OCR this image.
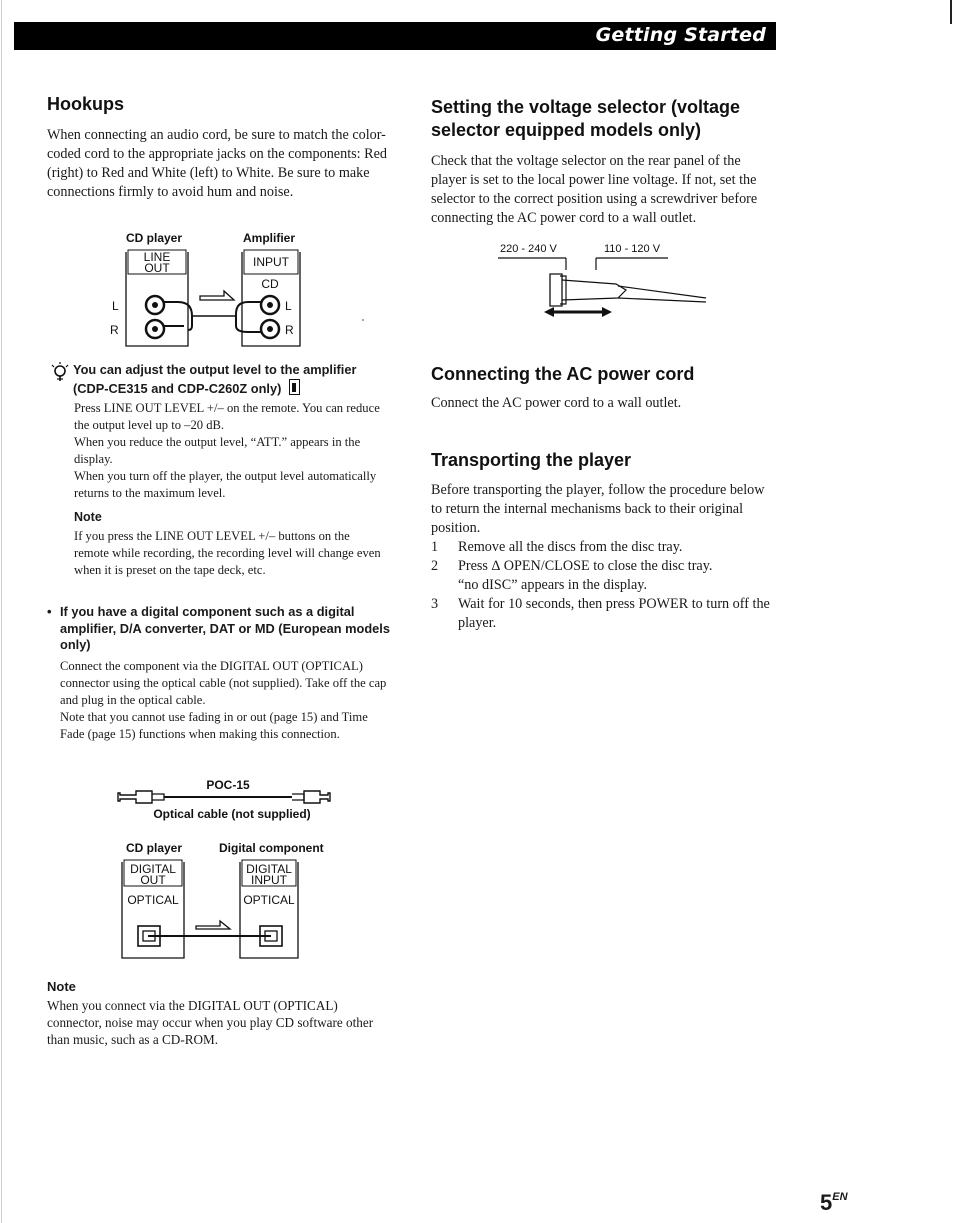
Getting Started
Hookups

When connecting an audio cord, be sure to match the color-coded cord to the appropriate jacks on the components: Red (right) to Red and White (left) to White. Be sure to make connections firmly to avoid hum and noise.

CD player	Amplifier
LINE
OUT	INPUT
CD
L
R
L
R

You can adjust the output level to the amplifier (CDP-CE315 and CDP-C260Z only)

Press LINE OUT LEVEL +/– on the remote. You can reduce the output level up to –20 dB.

When you reduce the output level, “ATT.” appears in the display.

When you turn off the player, the output level automatically returns to the maximum level.

Note

If you press the LINE OUT LEVEL +/– buttons on the remote while recording, the recording level will change even when it is preset on the tape deck, etc.

• If you have a digital component such as a digital amplifier, D/A converter, DAT or MD (European models only)

Connect the component via the DIGITAL OUT (OPTICAL) connector using the optical cable (not supplied). Take off the cap and plug in the optical cable.

Note that you cannot use fading in or out (page 15) and Time Fade (page 15) functions when making this connection.

POC-15
Optical cable (not supplied)
CD player	Digital component
DIGITAL
OUT
OPTICAL
DIGITAL
INPUT
OPTICAL

Note

When you connect via the DIGITAL OUT (OPTICAL) connector, noise may occur when you play CD software other than music, such as a CD-ROM.

Setting the voltage selector (voltage selector equipped models only)

Check that the voltage selector on the rear panel of the player is set to the local power line voltage. If not, set the selector to the correct position using a screwdriver before connecting the AC power cord to a wall outlet.

220 - 240 V	110 - 120 V
Connecting the AC power cord

Connect the AC power cord to a wall outlet.

Transporting the player

Before transporting the player, follow the procedure below to return the internal mechanisms back to their original position.

1	Remove all the discs from the disc tray.
2	Press ∆ OPEN/CLOSE to close the disc tray.
“no dISC” appears in the display.
3	Wait for 10 seconds, then press POWER to turn off the player.
$5^{EN}$
